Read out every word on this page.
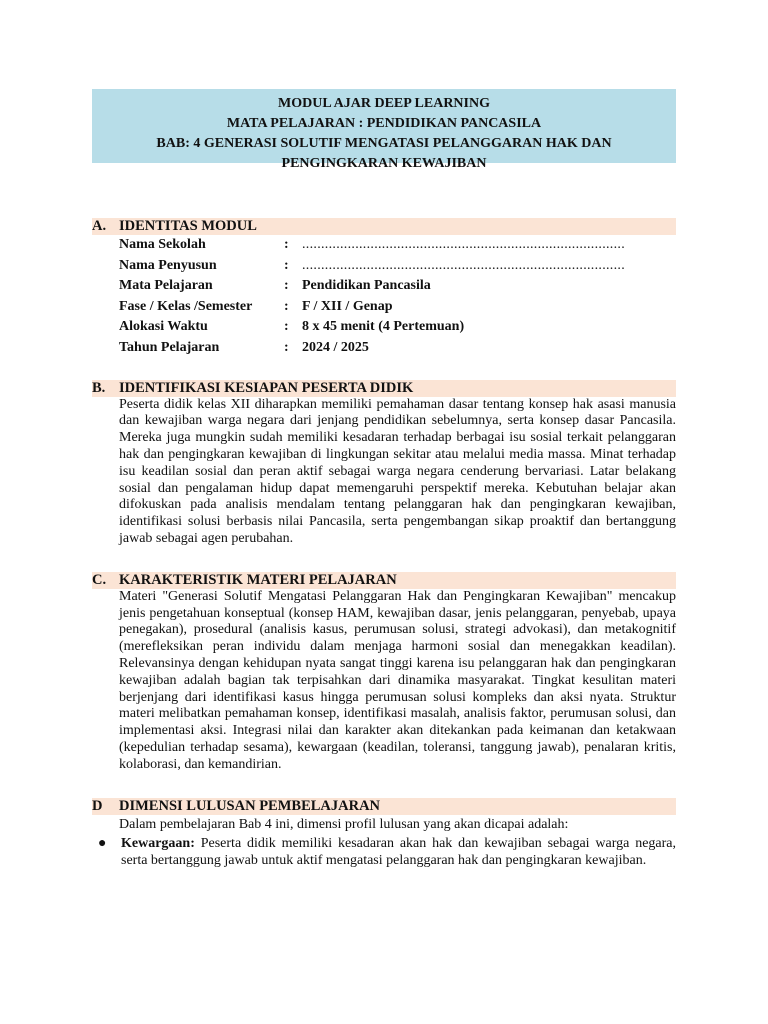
MODUL AJAR DEEP LEARNING
MATA PELAJARAN : PENDIDIKAN PANCASILA
BAB: 4 GENERASI SOLUTIF MENGATASI PELANGGARAN HAK DAN
PENGINGKARAN KEWAJIBAN
A. IDENTITAS MODUL
Nama Sekolah	: .....................................................................................
Nama Penyusun	: .....................................................................................
Mata Pelajaran	: Pendidikan Pancasila
Fase / Kelas /Semester	: F / XII / Genap
Alokasi Waktu	: 8 x 45 menit (4 Pertemuan)
Tahun Pelajaran	: 2024 / 2025
B. IDENTIFIKASI KESIAPAN PESERTA DIDIK
Peserta didik kelas XII diharapkan memiliki pemahaman dasar tentang konsep hak asasi manusia dan kewajiban warga negara dari jenjang pendidikan sebelumnya, serta konsep dasar Pancasila. Mereka juga mungkin sudah memiliki kesadaran terhadap berbagai isu sosial terkait pelanggaran hak dan pengingkaran kewajiban di lingkungan sekitar atau melalui media massa. Minat terhadap isu keadilan sosial dan peran aktif sebagai warga negara cenderung bervariasi. Latar belakang sosial dan pengalaman hidup dapat memengaruhi perspektif mereka. Kebutuhan belajar akan difokuskan pada analisis mendalam tentang pelanggaran hak dan pengingkaran kewajiban, identifikasi solusi berbasis nilai Pancasila, serta pengembangan sikap proaktif dan bertanggung jawab sebagai agen perubahan.
C. KARAKTERISTIK MATERI PELAJARAN
Materi "Generasi Solutif Mengatasi Pelanggaran Hak dan Pengingkaran Kewajiban" mencakup jenis pengetahuan konseptual (konsep HAM, kewajiban dasar, jenis pelanggaran, penyebab, upaya penegakan), prosedural (analisis kasus, perumusan solusi, strategi advokasi), dan metakognitif (merefleksikan peran individu dalam menjaga harmoni sosial dan menegakkan keadilan). Relevansinya dengan kehidupan nyata sangat tinggi karena isu pelanggaran hak dan pengingkaran kewajiban adalah bagian tak terpisahkan dari dinamika masyarakat. Tingkat kesulitan materi berjenjang dari identifikasi kasus hingga perumusan solusi kompleks dan aksi nyata. Struktur materi melibatkan pemahaman konsep, identifikasi masalah, analisis faktor, perumusan solusi, dan implementasi aksi. Integrasi nilai dan karakter akan ditekankan pada keimanan dan ketakwaan (kepedulian terhadap sesama), kewargaan (keadilan, toleransi, tanggung jawab), penalaran kritis, kolaborasi, dan kemandirian.
D DIMENSI LULUSAN PEMBELAJARAN
Dalam pembelajaran Bab 4 ini, dimensi profil lulusan yang akan dicapai adalah:
● Kewargaan: Peserta didik memiliki kesadaran akan hak dan kewajiban sebagai warga negara, serta bertanggung jawab untuk aktif mengatasi pelanggaran hak dan pengingkaran kewajiban.
